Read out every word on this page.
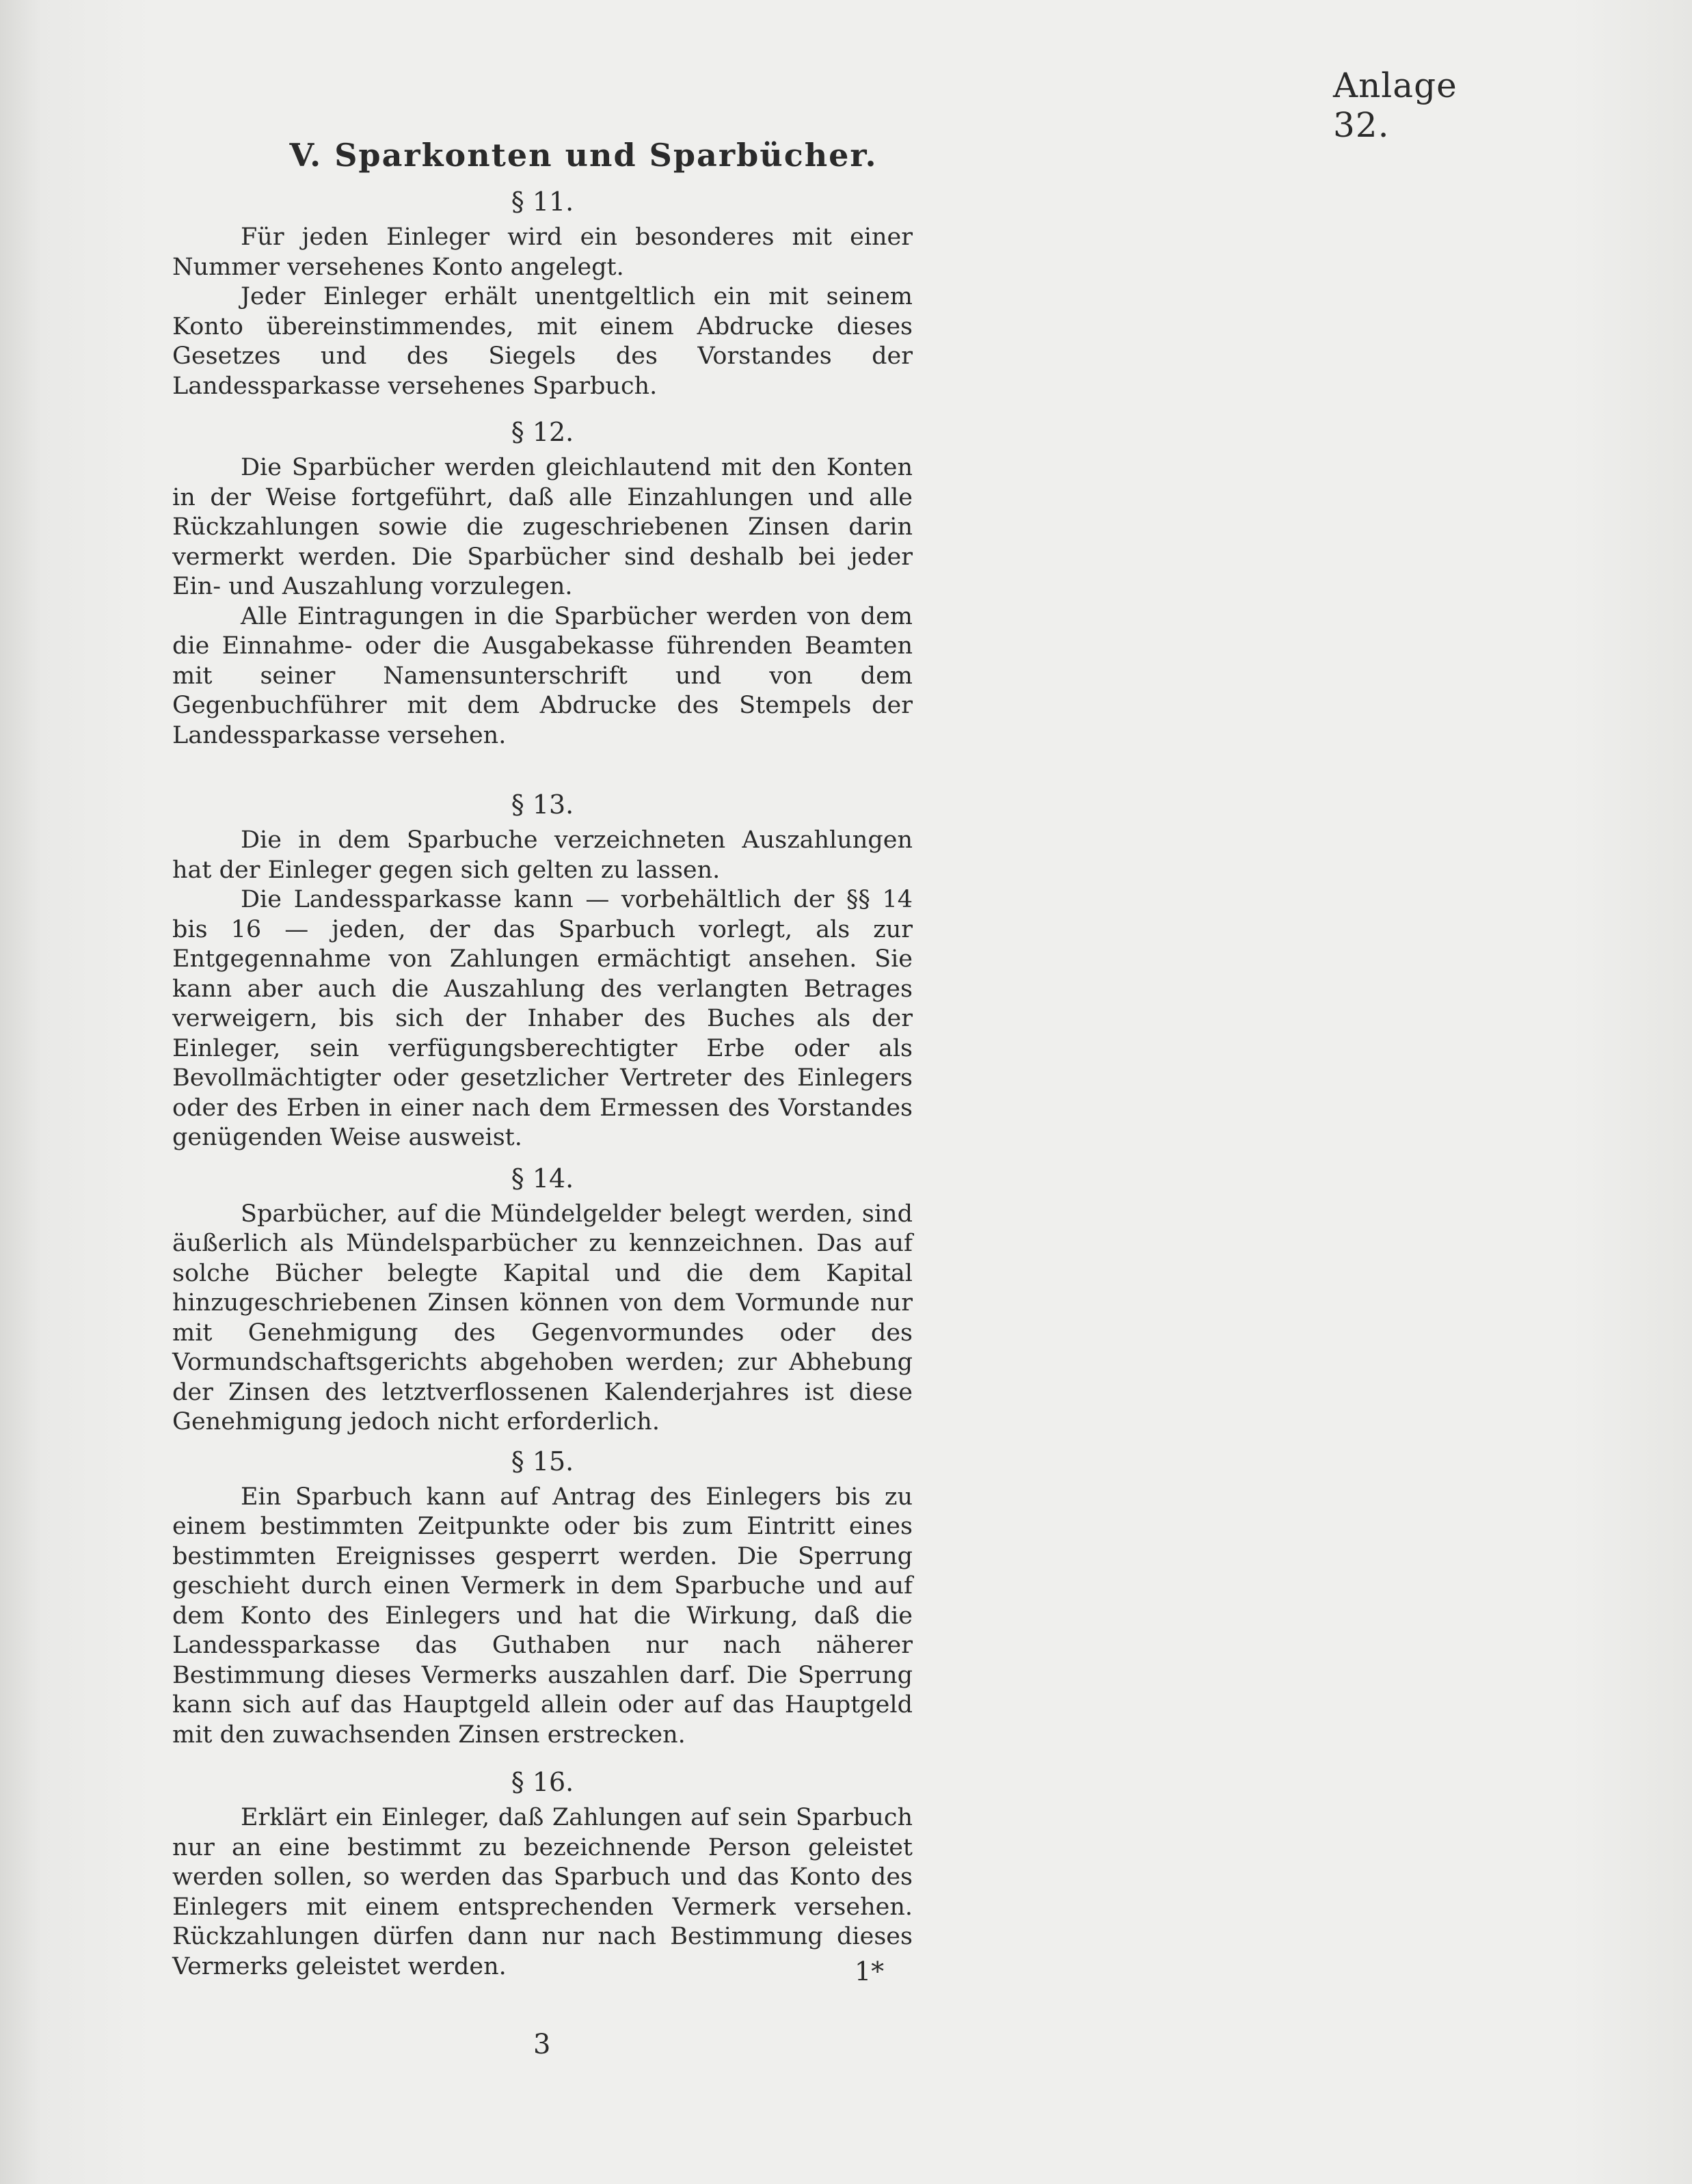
Anlage 32.
V. Sparkonten und Sparbücher.
§ 11.

Für jeden Einleger wird ein besonderes mit einer Nummer versehenes Konto angelegt.

Jeder Einleger erhält unentgeltlich ein mit seinem Konto übereinstimmendes, mit einem Abdrucke dieses Gesetzes und des Siegels des Vorstandes der Landessparkasse versehenes Sparbuch.

§ 12.

Die Sparbücher werden gleichlautend mit den Konten in der Weise fortgeführt, daß alle Einzahlungen und alle Rückzahlungen sowie die zugeschriebenen Zinsen darin vermerkt werden. Die Sparbücher sind deshalb bei jeder Ein- und Auszahlung vorzulegen.

Alle Eintragungen in die Sparbücher werden von dem die Einnahme- oder die Ausgabekasse führenden Beamten mit seiner Namensunterschrift und von dem Gegenbuchführer mit dem Abdrucke des Stempels der Landessparkasse versehen.

§ 13.

Die in dem Sparbuche verzeichneten Auszahlungen hat der Einleger gegen sich gelten zu lassen.

Die Landessparkasse kann — vorbehältlich der §§ 14 bis 16 — jeden, der das Sparbuch vorlegt, als zur Entgegennahme von Zahlungen ermächtigt ansehen. Sie kann aber auch die Auszahlung des verlangten Betrages verweigern, bis sich der Inhaber des Buches als der Einleger, sein verfügungsberechtigter Erbe oder als Bevollmächtigter oder gesetzlicher Vertreter des Einlegers oder des Erben in einer nach dem Ermessen des Vorstandes genügenden Weise ausweist.

§ 14.

Sparbücher, auf die Mündelgelder belegt werden, sind äußerlich als Mündelsparbücher zu kennzeichnen. Das auf solche Bücher belegte Kapital und die dem Kapital hinzugeschriebenen Zinsen können von dem Vormunde nur mit Genehmigung des Gegenvormundes oder des Vormundschaftsgerichts abgehoben werden; zur Abhebung der Zinsen des letztverflossenen Kalenderjahres ist diese Genehmigung jedoch nicht erforderlich.

§ 15.

Ein Sparbuch kann auf Antrag des Einlegers bis zu einem bestimmten Zeitpunkte oder bis zum Eintritt eines bestimmten Ereignisses gesperrt werden. Die Sperrung geschieht durch einen Vermerk in dem Sparbuche und auf dem Konto des Einlegers und hat die Wirkung, daß die Landessparkasse das Guthaben nur nach näherer Bestimmung dieses Vermerks auszahlen darf. Die Sperrung kann sich auf das Hauptgeld allein oder auf das Hauptgeld mit den zuwachsenden Zinsen erstrecken.

§ 16.

Erklärt ein Einleger, daß Zahlungen auf sein Sparbuch nur an eine bestimmt zu bezeichnende Person geleistet werden sollen, so werden das Sparbuch und das Konto des Einlegers mit einem entsprechenden Vermerk versehen. Rückzahlungen dürfen dann nur nach Bestimmung dieses Vermerks geleistet werden.	1*
3
